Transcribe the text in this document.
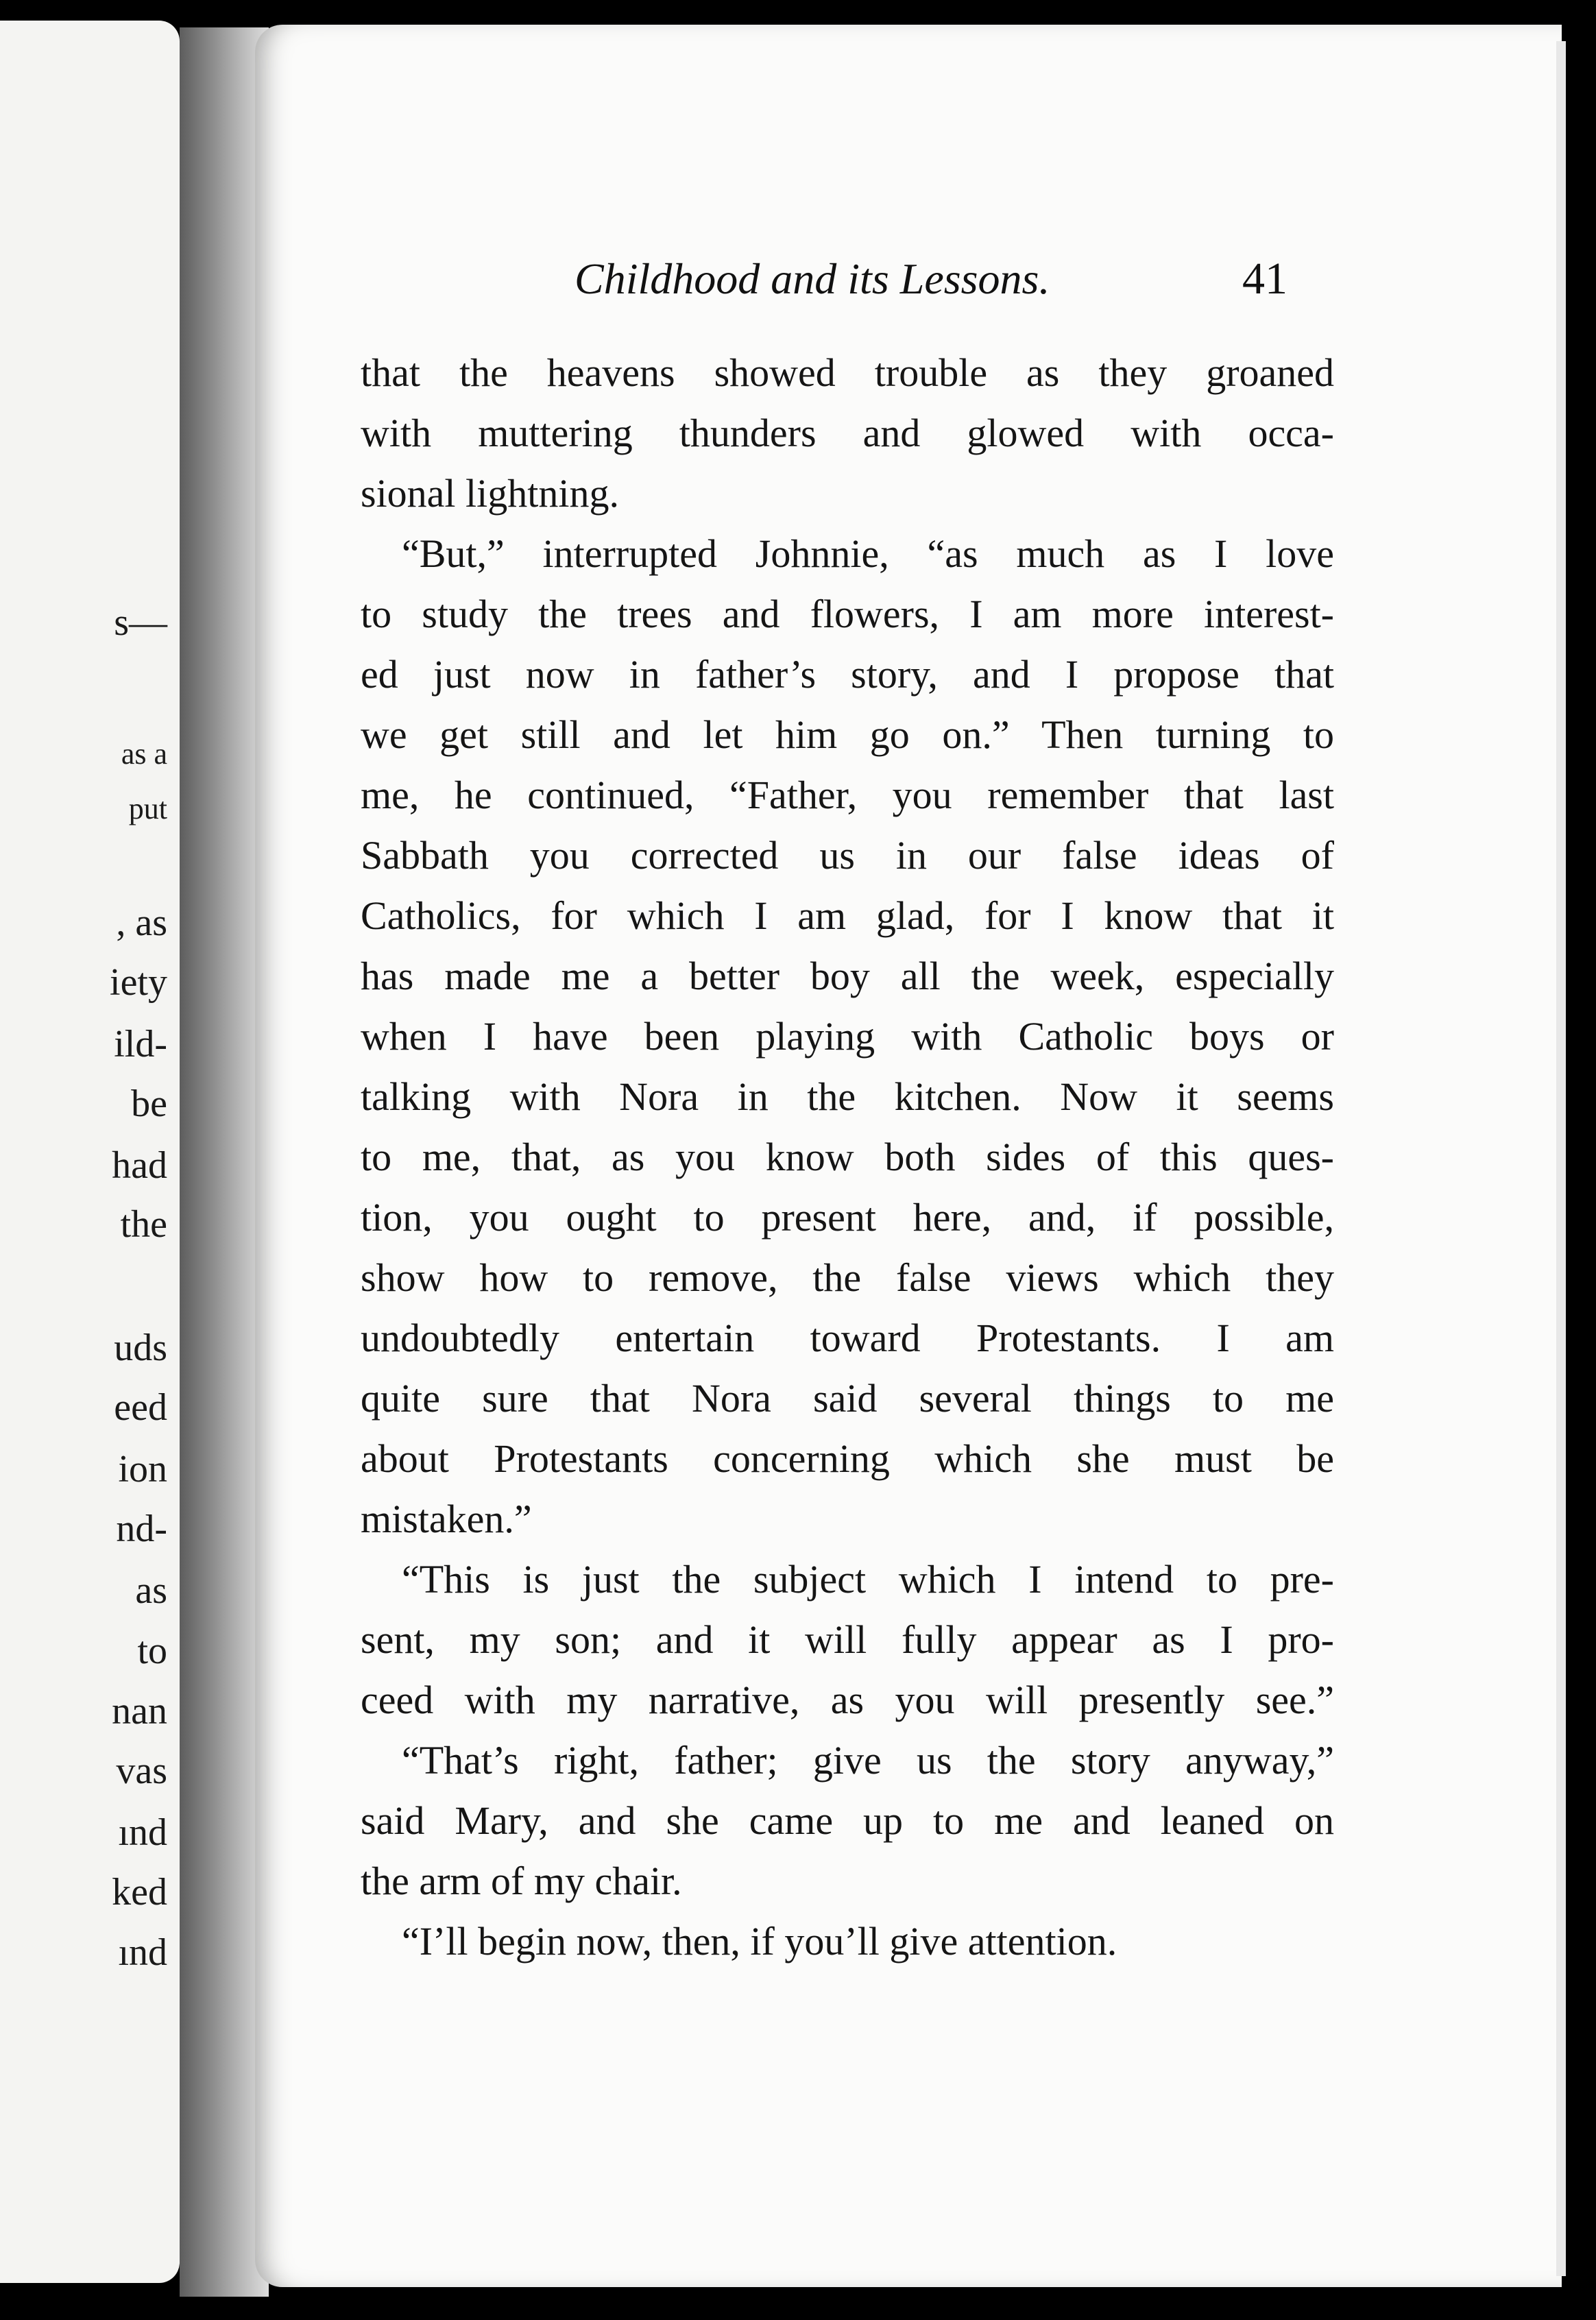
s—
as a
put
, as
iety
ild-
be
had
the
uds
eed
ion
nd-
as
to
nan
vas
ınd
ked
ınd
Childhood and its Lessons.	41
that the heavens showed trouble as they groaned
with muttering thunders and glowed with occa-
sional lightning.
“But,” interrupted Johnnie, “as much as I love
to study the trees and flowers, I am more interest-
ed just now in father’s story, and I propose that
we get still and let him go on.” Then turning to
me, he continued, “Father, you remember that last
Sabbath you corrected us in our false ideas of
Catholics, for which I am glad, for I know that it
has made me a better boy all the week, especially
when I have been playing with Catholic boys or
talking with Nora in the kitchen. Now it seems
to me, that, as you know both sides of this ques-
tion, you ought to present here, and, if possible,
show how to remove, the false views which they
undoubtedly entertain toward Protestants. I am
quite sure that Nora said several things to me
about Protestants concerning which she must be
mistaken.”
“This is just the subject which I intend to pre-
sent, my son; and it will fully appear as I pro-
ceed with my narrative, as you will presently see.”
“That’s right, father; give us the story anyway,”
said Mary, and she came up to me and leaned on
the arm of my chair.
“I’ll begin now, then, if you’ll give attention.
